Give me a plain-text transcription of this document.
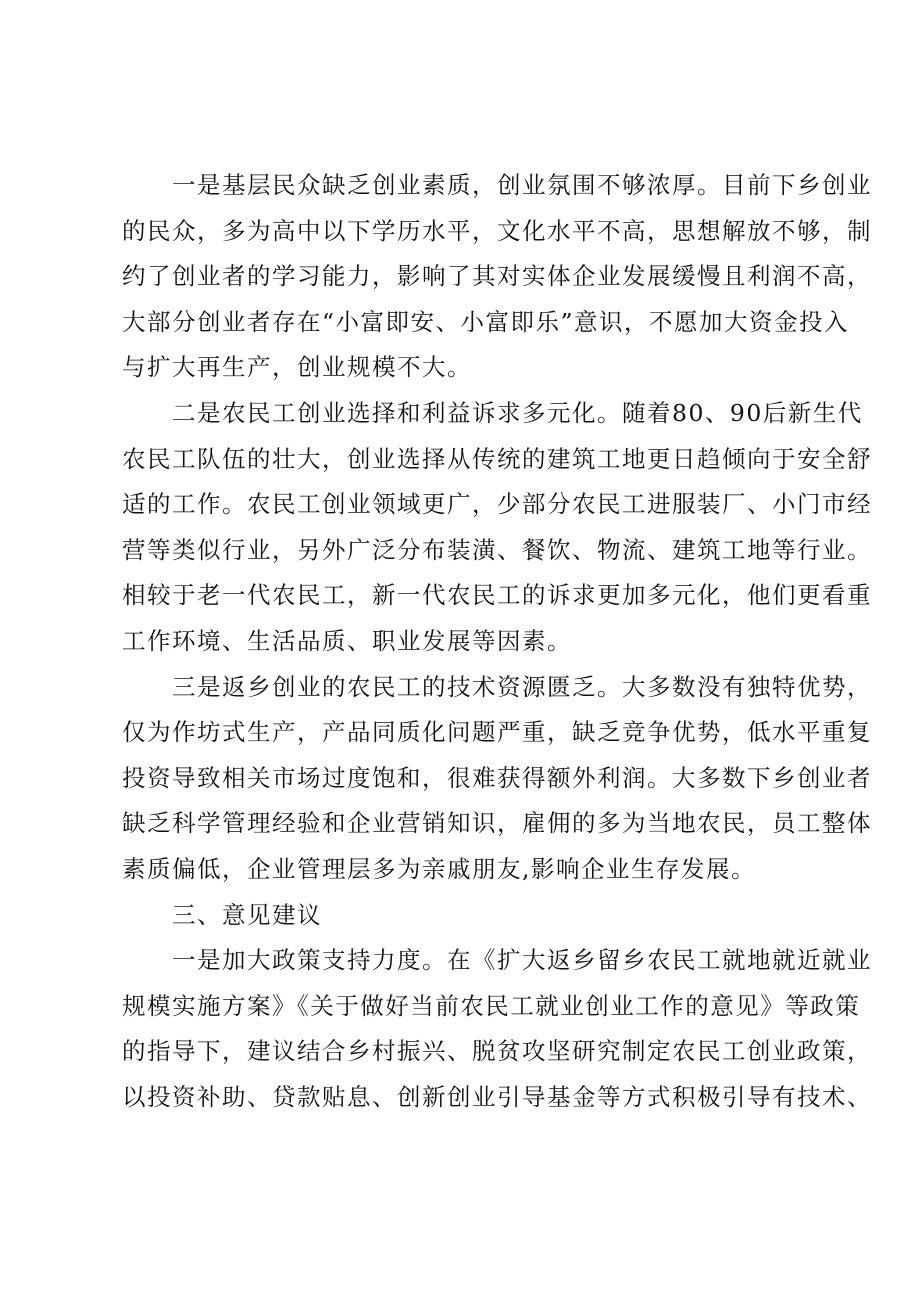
一是基层民众缺乏创业素质，创业氛围不够浓厚。目前下乡创业
的民众，多为高中以下学历水平，文化水平不高，思想解放不够，制
约了创业者的学习能力，影响了其对实体企业发展缓慢且利润不高，
大部分创业者存在“小富即安、小富即乐”意识，不愿加大资金投入
与扩大再生产，创业规模不大。
二是农民工创业选择和利益诉求多元化。随着80、90后新生代
农民工队伍的壮大，创业选择从传统的建筑工地更日趋倾向于安全舒
适的工作。农民工创业领域更广，少部分农民工进服装厂、小门市经
营等类似行业，另外广泛分布装潢、餐饮、物流、建筑工地等行业。
相较于老一代农民工，新一代农民工的诉求更加多元化，他们更看重
工作环境、生活品质、职业发展等因素。
三是返乡创业的农民工的技术资源匮乏。大多数没有独特优势，
仅为作坊式生产，产品同质化问题严重，缺乏竞争优势，低水平重复
投资导致相关市场过度饱和，很难获得额外利润。大多数下乡创业者
缺乏科学管理经验和企业营销知识，雇佣的多为当地农民，员工整体
素质偏低，企业管理层多为亲戚朋友,影响企业生存发展。
三、意见建议
一是加大政策支持力度。在《扩大返乡留乡农民工就地就近就业
规模实施方案》《关于做好当前农民工就业创业工作的意见》等政策
的指导下，建议结合乡村振兴、脱贫攻坚研究制定农民工创业政策，
以投资补助、贷款贴息、创新创业引导基金等方式积极引导有技术、
